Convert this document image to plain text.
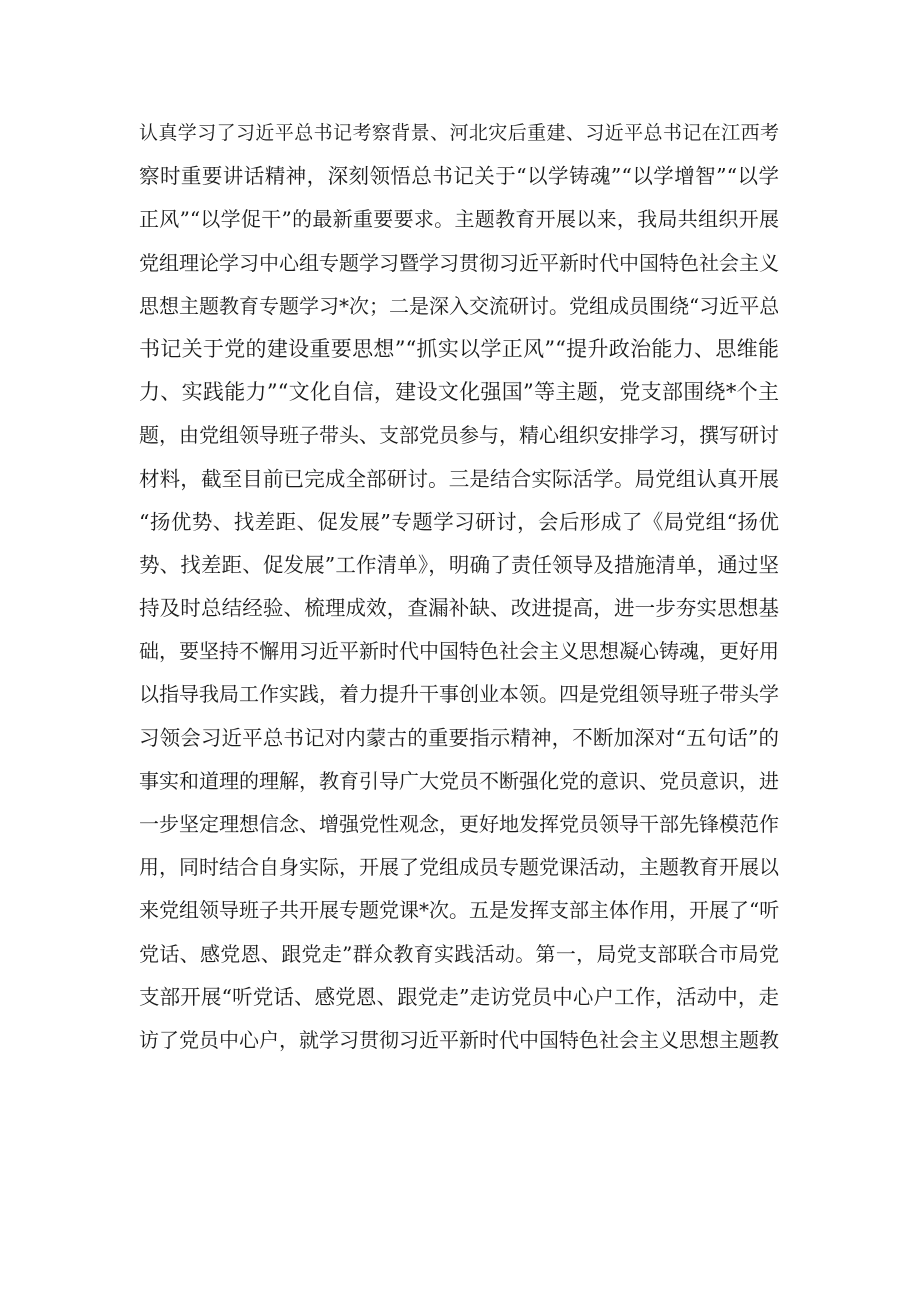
认真学习了习近平总书记考察背景、河北灾后重建、习近平总书记在江西考
察时重要讲话精神，深刻领悟总书记关于“以学铸魂”“以学增智”“以学
正风”“以学促干”的最新重要要求。主题教育开展以来，我局共组织开展
党组理论学习中心组专题学习暨学习贯彻习近平新时代中国特色社会主义
思想主题教育专题学习*次；二是深入交流研讨。党组成员围绕“习近平总
书记关于党的建设重要思想”“抓实以学正风”“提升政治能力、思维能
力、实践能力”“文化自信，建设文化强国”等主题，党支部围绕*个主
题，由党组领导班子带头、支部党员参与，精心组织安排学习，撰写研讨
材料，截至目前已完成全部研讨。三是结合实际活学。局党组认真开展
“扬优势、找差距、促发展”专题学习研讨，会后形成了《局党组“扬优
势、找差距、促发展”工作清单》，明确了责任领导及措施清单，通过坚
持及时总结经验、梳理成效，查漏补缺、改进提高，进一步夯实思想基
础，要坚持不懈用习近平新时代中国特色社会主义思想凝心铸魂，更好用
以指导我局工作实践，着力提升干事创业本领。四是党组领导班子带头学
习领会习近平总书记对内蒙古的重要指示精神，不断加深对“五句话”的
事实和道理的理解，教育引导广大党员不断强化党的意识、党员意识，进
一步坚定理想信念、增强党性观念，更好地发挥党员领导干部先锋模范作
用，同时结合自身实际，开展了党组成员专题党课活动，主题教育开展以
来党组领导班子共开展专题党课*次。五是发挥支部主体作用，开展了“听
党话、感党恩、跟党走”群众教育实践活动。第一，局党支部联合市局党
支部开展“听党话、感党恩、跟党走”走访党员中心户工作，活动中，走
访了党员中心户，就学习贯彻习近平新时代中国特色社会主义思想主题教
